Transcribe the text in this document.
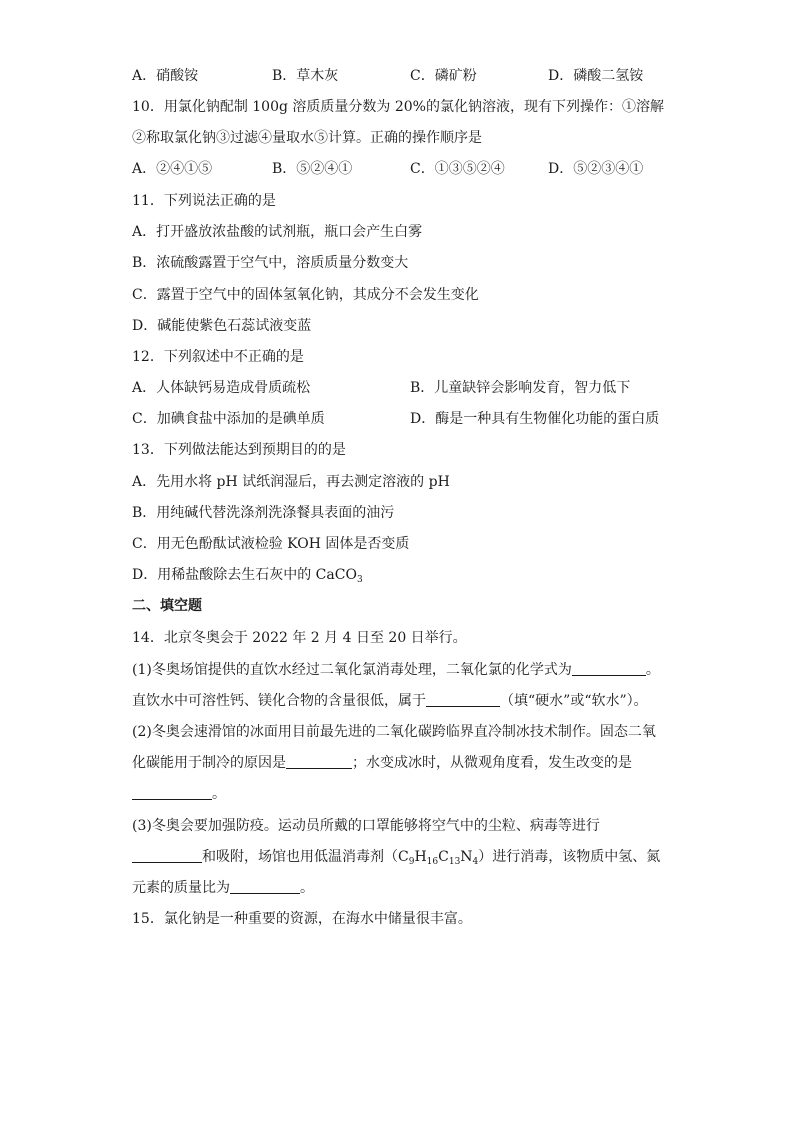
A．硝酸铵	B．草木灰	C．磷矿粉	D．磷酸二氢铵
10．用氯化钠配制 100g 溶质质量分数为 20%的氯化钠溶液，现有下列操作：①溶解
②称取氯化钠③过滤④量取水⑤计算。正确的操作顺序是
A．②④①⑤	B．⑤②④①	C．①③⑤②④	D．⑤②③④①
11．下列说法正确的是
A．打开盛放浓盐酸的试剂瓶，瓶口会产生白雾
B．浓硫酸露置于空气中，溶质质量分数变大
C．露置于空气中的固体氢氧化钠，其成分不会发生变化
D．碱能使紫色石蕊试液变蓝
12．下列叙述中不正确的是
A．人体缺钙易造成骨质疏松	B．儿童缺锌会影响发育，智力低下
C．加碘食盐中添加的是碘单质	D．酶是一种具有生物催化功能的蛋白质
13．下列做法能达到预期目的的是
A．先用水将 pH 试纸润湿后，再去测定溶液的 pH
B．用纯碱代替洗涤剂洗涤餐具表面的油污
C．用无色酚酞试液检验 KOH 固体是否变质
D．用稀盐酸除去生石灰中的 CaCO$_3$
二、填空题
14．北京冬奥会于 2022 年 2 月 4 日至 20 日举行。
(1)冬奥场馆提供的直饮水经过二氧化氯消毒处理，二氧化氯的化学式为	。
直饮水中可溶性钙、镁化合物的含量很低，属于	（填“硬水”或“软水”）。
(2)冬奥会速滑馆的冰面用目前最先进的二氧化碳跨临界直冷制冰技术制作。固态二氧
化碳能用于制冷的原因是	；水变成冰时，从微观角度看，发生改变的是
。
(3)冬奥会要加强防疫。运动员所戴的口罩能够将空气中的尘粒、病毒等进行
和吸附，场馆也用低温消毒剂$(C_9H_{16}C_{13}N_4)$进行消毒，该物质中氢、氮
元素的质量比为	。
15．氯化钠是一种重要的资源，在海水中储量很丰富。
